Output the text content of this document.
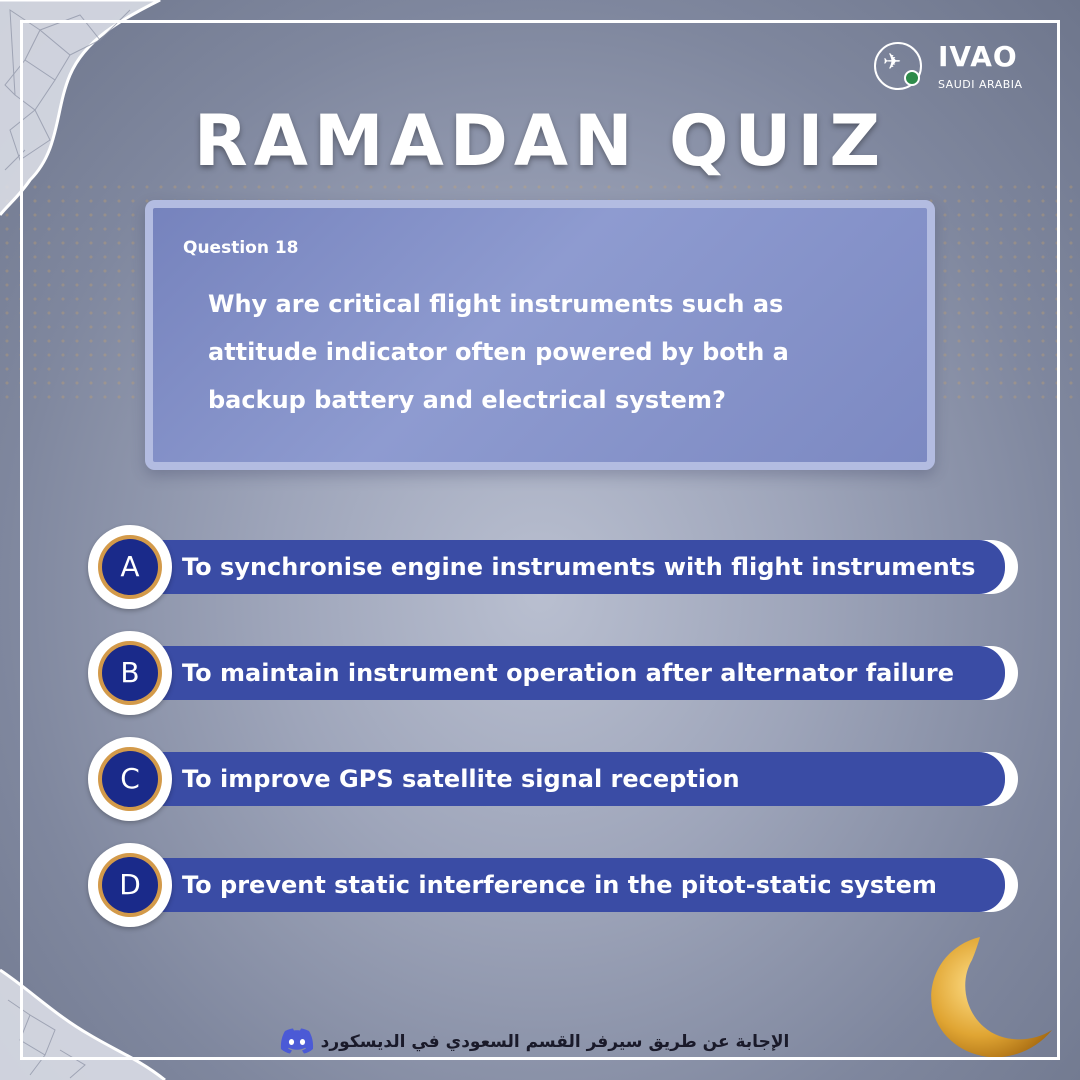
✈ IVAO
SAUDI ARABIA
RAMADAN QUIZ
Question 18
Why are critical flight instruments such as attitude indicator often powered by both a backup battery and electrical system?
To synchronise engine instruments with flight instruments
A
To maintain instrument operation after alternator failure
B
To improve GPS satellite signal reception
C
To prevent static interference in the pitot-static system
D
الإجابة عن طريق سيرفر القسم السعودي في الديسكورد
